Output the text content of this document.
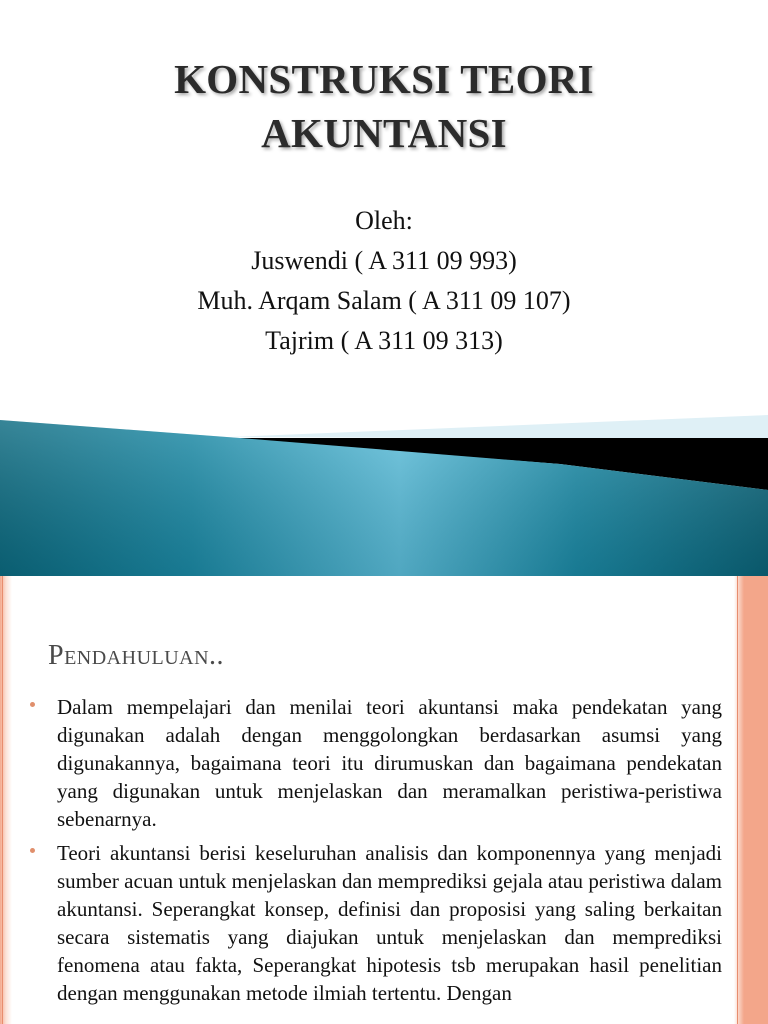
KONSTRUKSI TEORI
AKUNTANSI
Oleh:
Juswendi ( A 311 09 993)
Muh. Arqam Salam ( A 311 09 107)
Tajrim ( A 311 09 313)
Pendahuluan..
Dalam mempelajari dan menilai teori akuntansi maka pendekatan yang digunakan adalah dengan menggolongkan berdasarkan asumsi yang digunakannya, bagaimana teori itu dirumuskan dan bagaimana pendekatan yang digunakan untuk menjelaskan dan meramalkan peristiwa-peristiwa sebenarnya.
Teori akuntansi berisi keseluruhan analisis dan komponennya yang menjadi sumber acuan untuk menjelaskan dan memprediksi gejala atau peristiwa dalam akuntansi. Seperangkat konsep, definisi dan proposisi yang saling berkaitan secara sistematis yang diajukan untuk menjelaskan dan memprediksi fenomena atau fakta, Seperangkat hipotesis tsb merupakan hasil penelitian dengan menggunakan metode ilmiah tertentu. Dengan
